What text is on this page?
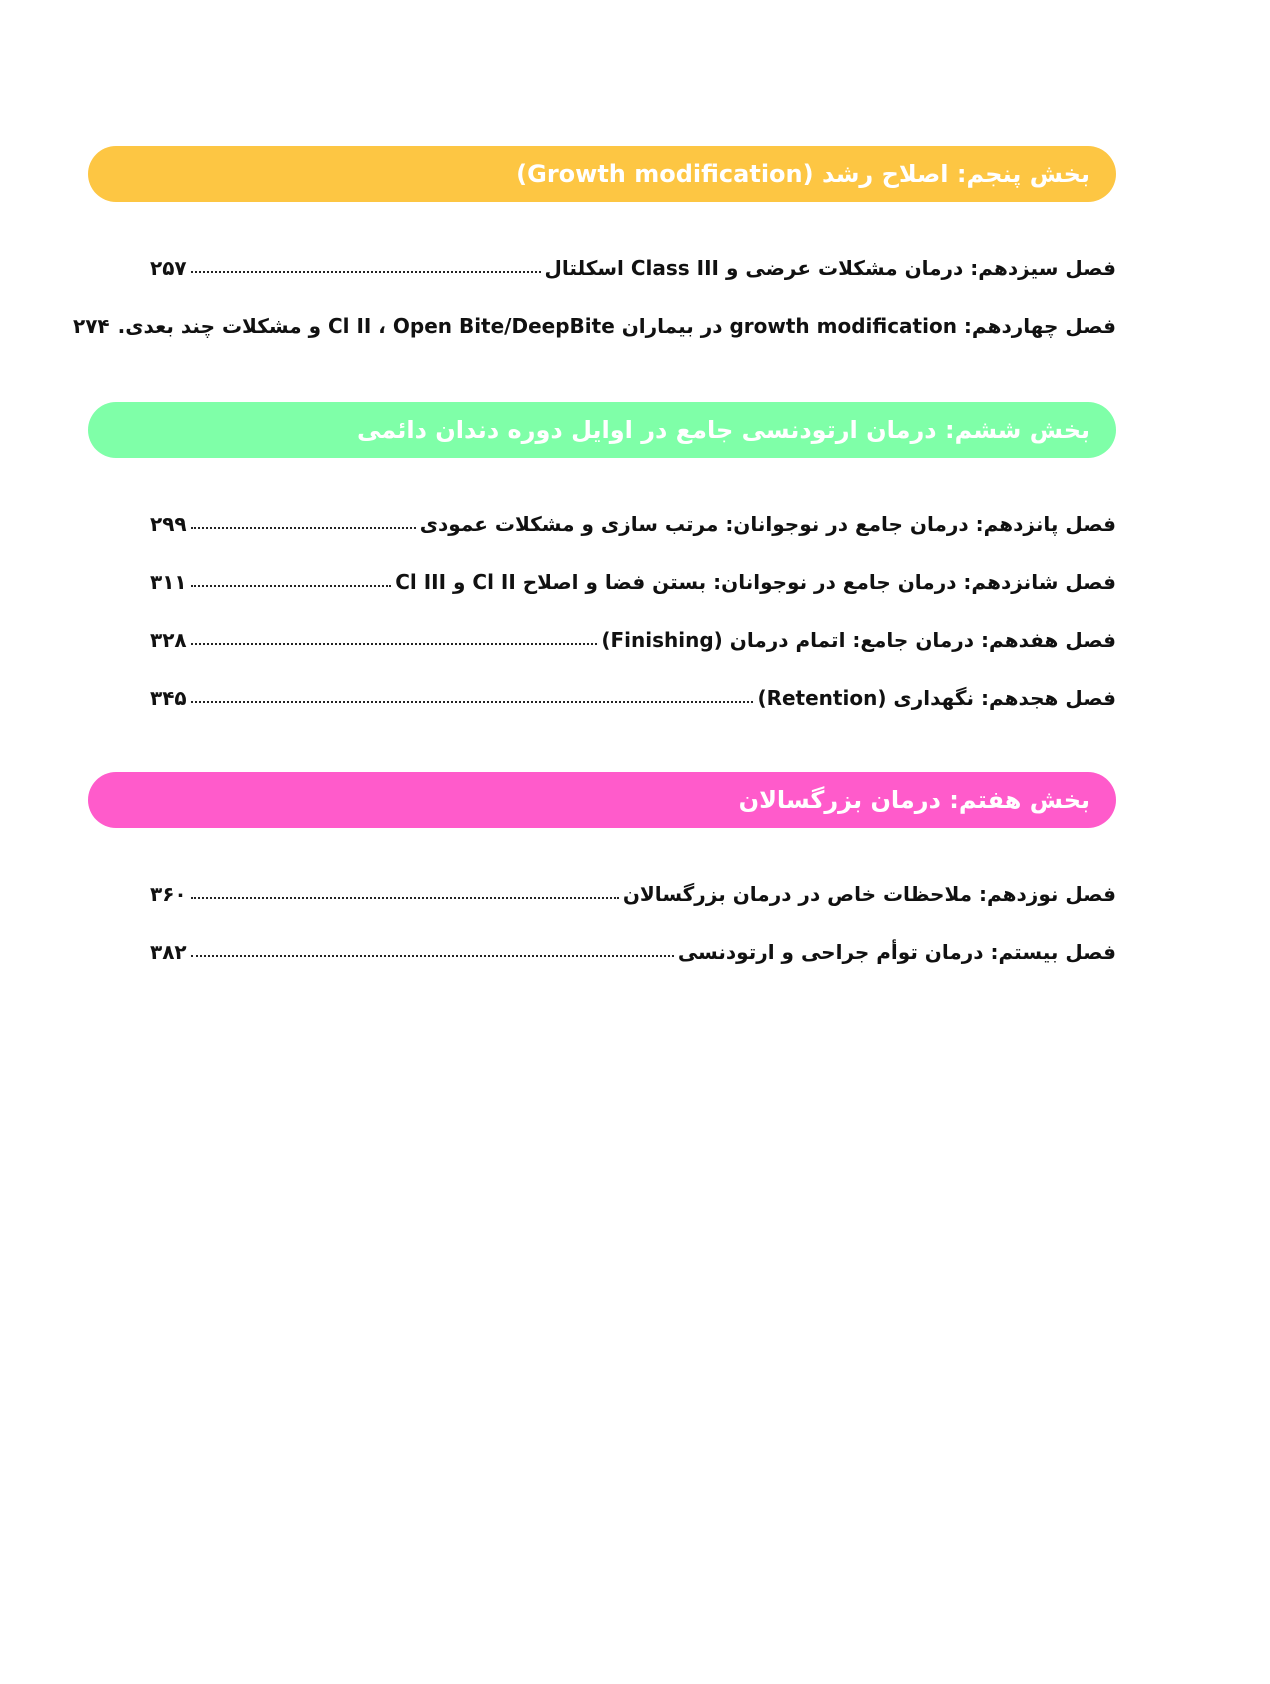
بخش پنجم: اصلاح رشد (Growth modification)
فصل سیزدهم: درمان مشکلات عرضی و Class III اسکلتال
۲۵۷
فصل چهاردهم: growth modification در بیماران Cl II ، Open Bite/DeepBite و مشکلات چند بعدی.
۲۷۴
بخش ششم: درمان ارتودنسی جامع در اوایل دوره دندان دائمی
فصل پانزدهم: درمان جامع در نوجوانان: مرتب سازی و مشکلات عمودی
۲۹۹
فصل شانزدهم: درمان جامع در نوجوانان: بستن فضا و اصلاح Cl II و Cl III
۳۱۱
فصل هفدهم: درمان جامع: اتمام درمان (Finishing)
۳۲۸
فصل هجدهم: نگهداری (Retention)
۳۴۵
بخش هفتم: درمان بزرگسالان
فصل نوزدهم: ملاحظات خاص در درمان بزرگسالان
۳۶۰
فصل بیستم: درمان توأم جراحی و ارتودنسی
۳۸۲
